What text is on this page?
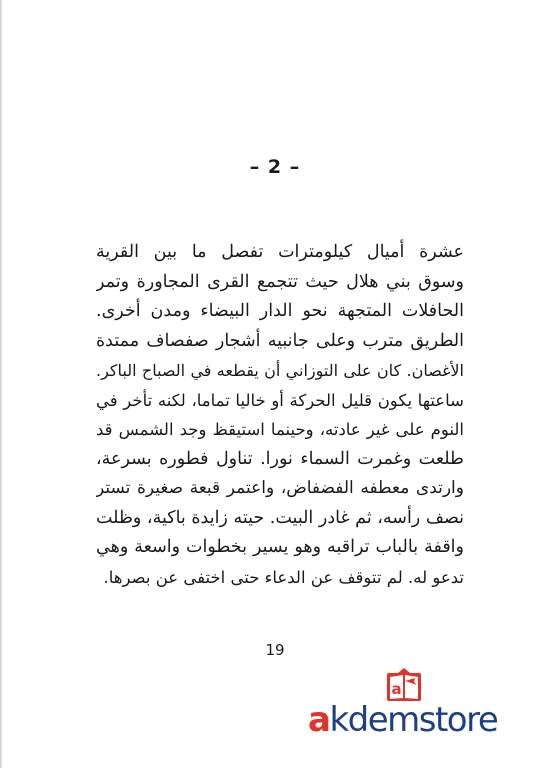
– 2 –
عشرة أميال كيلومترات تفصل ما بين القرية
وسوق بني هلال حيث تتجمع القرى المجاورة وتمر
الحافلات المتجهة نحو الدار البيضاء ومدن أخرى.
الطريق مترب وعلى جانبيه أشجار صفصاف ممتدة
الأغصان. كان على التوزاني أن يقطعه في الصباح الباكر.
ساعتها يكون قليل الحركة أو خاليا تماما، لكنه تأخر في
النوم على غير عادته، وحينما استيقظ وجد الشمس قد
طلعت وغمرت السماء نورا. تناول فطوره بسرعة،
وارتدى معطفه الفضفاض، واعتمر قبعة صغيرة تستر
نصف رأسه، ثم غادر البيت. حيته زايدة باكية، وظلت
واقفة بالباب تراقبه وهو يسير بخطوات واسعة وهي
تدعو له. لم تتوقف عن الدعاء حتى اختفى عن بصرها.
19
a
akdemstore
